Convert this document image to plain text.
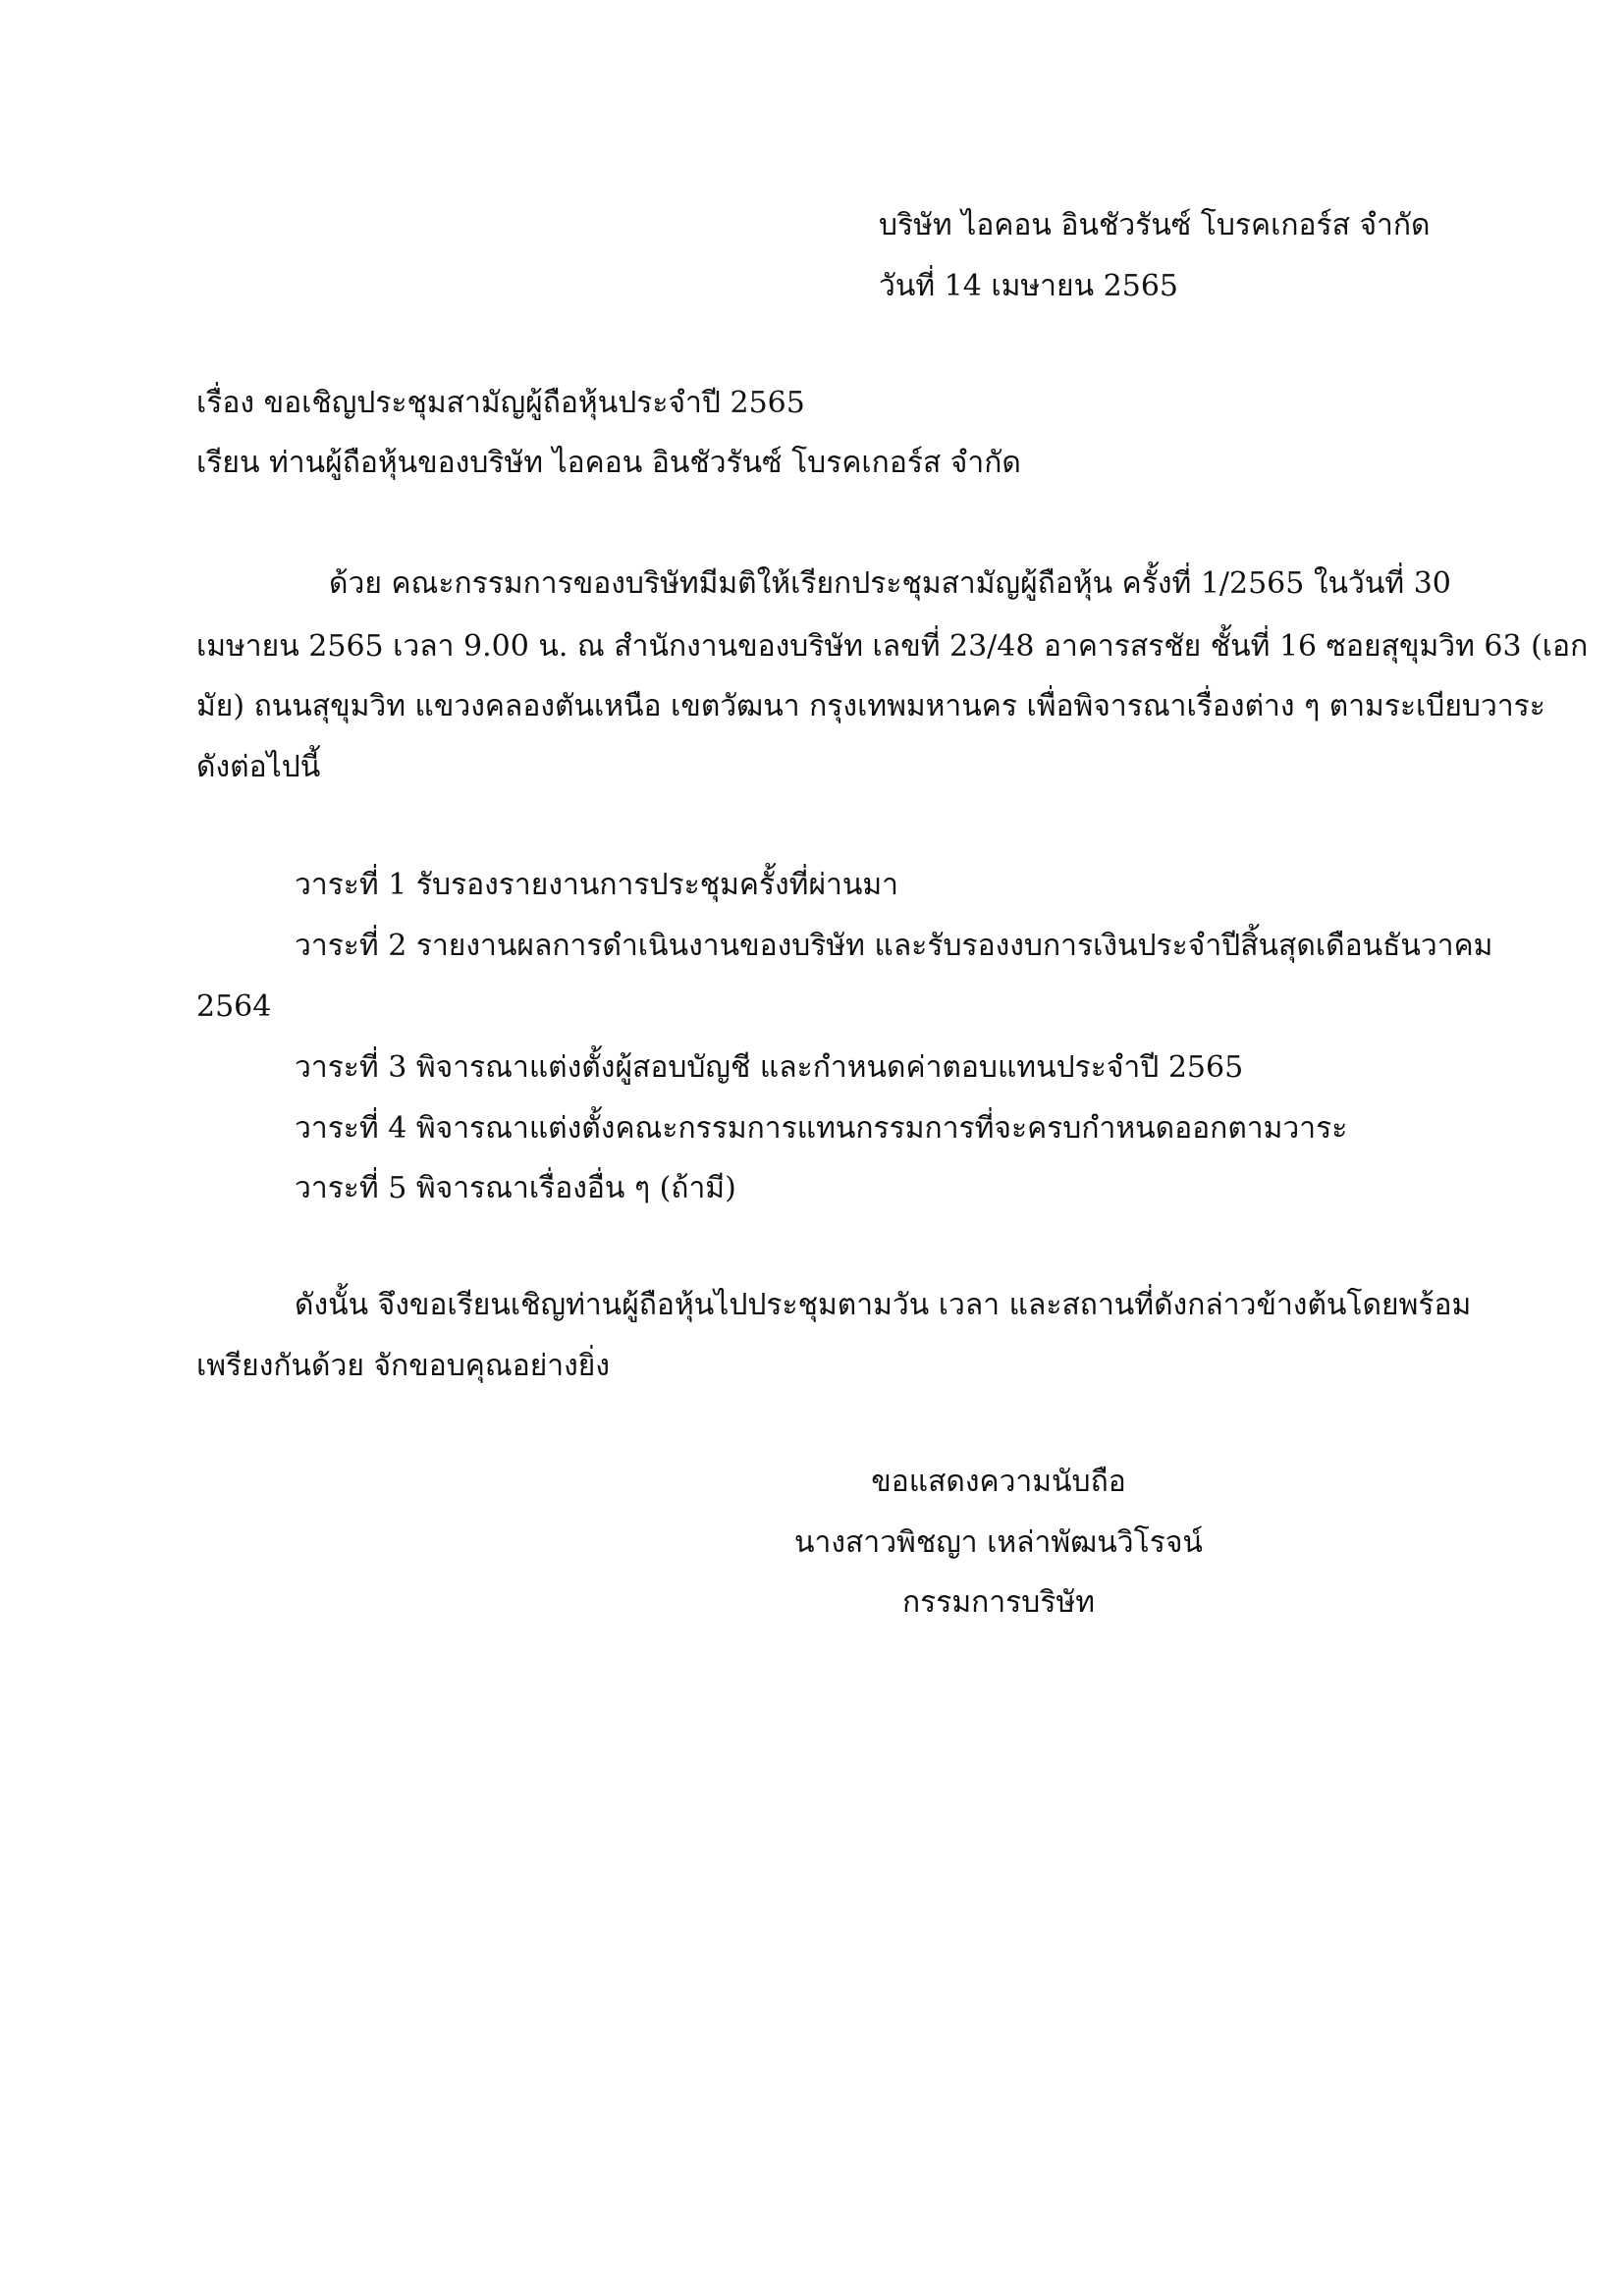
บริษัท ไอคอน อินชัวรันซ์ โบรคเกอร์ส จำกัด
วันที่ 14 เมษายน 2565
เรื่อง ขอเชิญประชุมสามัญผู้ถือหุ้นประจำปี 2565
เรียน ท่านผู้ถือหุ้นของบริษัท ไอคอน อินชัวรันซ์ โบรคเกอร์ส จำกัด
ด้วย คณะกรรมการของบริษัทมีมติให้เรียกประชุมสามัญผู้ถือหุ้น ครั้งที่ 1/2565 ในวันที่ 30
เมษายน 2565 เวลา 9.00 น. ณ สำนักงานของบริษัท เลขที่ 23/48 อาคารสรชัย ชั้นที่ 16 ซอยสุขุมวิท 63 (เอก
มัย) ถนนสุขุมวิท แขวงคลองตันเหนือ เขตวัฒนา กรุงเทพมหานคร เพื่อพิจารณาเรื่องต่าง ๆ ตามระเบียบวาระ
ดังต่อไปนี้
วาระที่ 1 รับรองรายงานการประชุมครั้งที่ผ่านมา
วาระที่ 2 รายงานผลการดำเนินงานของบริษัท และรับรองงบการเงินประจำปีสิ้นสุดเดือนธันวาคม
2564
วาระที่ 3 พิจารณาแต่งตั้งผู้สอบบัญชี และกำหนดค่าตอบแทนประจำปี 2565
วาระที่ 4 พิจารณาแต่งตั้งคณะกรรมการแทนกรรมการที่จะครบกำหนดออกตามวาระ
วาระที่ 5 พิจารณาเรื่องอื่น ๆ (ถ้ามี)
ดังนั้น จึงขอเรียนเชิญท่านผู้ถือหุ้นไปประชุมตามวัน เวลา และสถานที่ดังกล่าวข้างต้นโดยพร้อม
เพรียงกันด้วย จักขอบคุณอย่างยิ่ง
ขอแสดงความนับถือ
นางสาวพิชญา เหล่าพัฒนวิโรจน์
กรรมการบริษัท
